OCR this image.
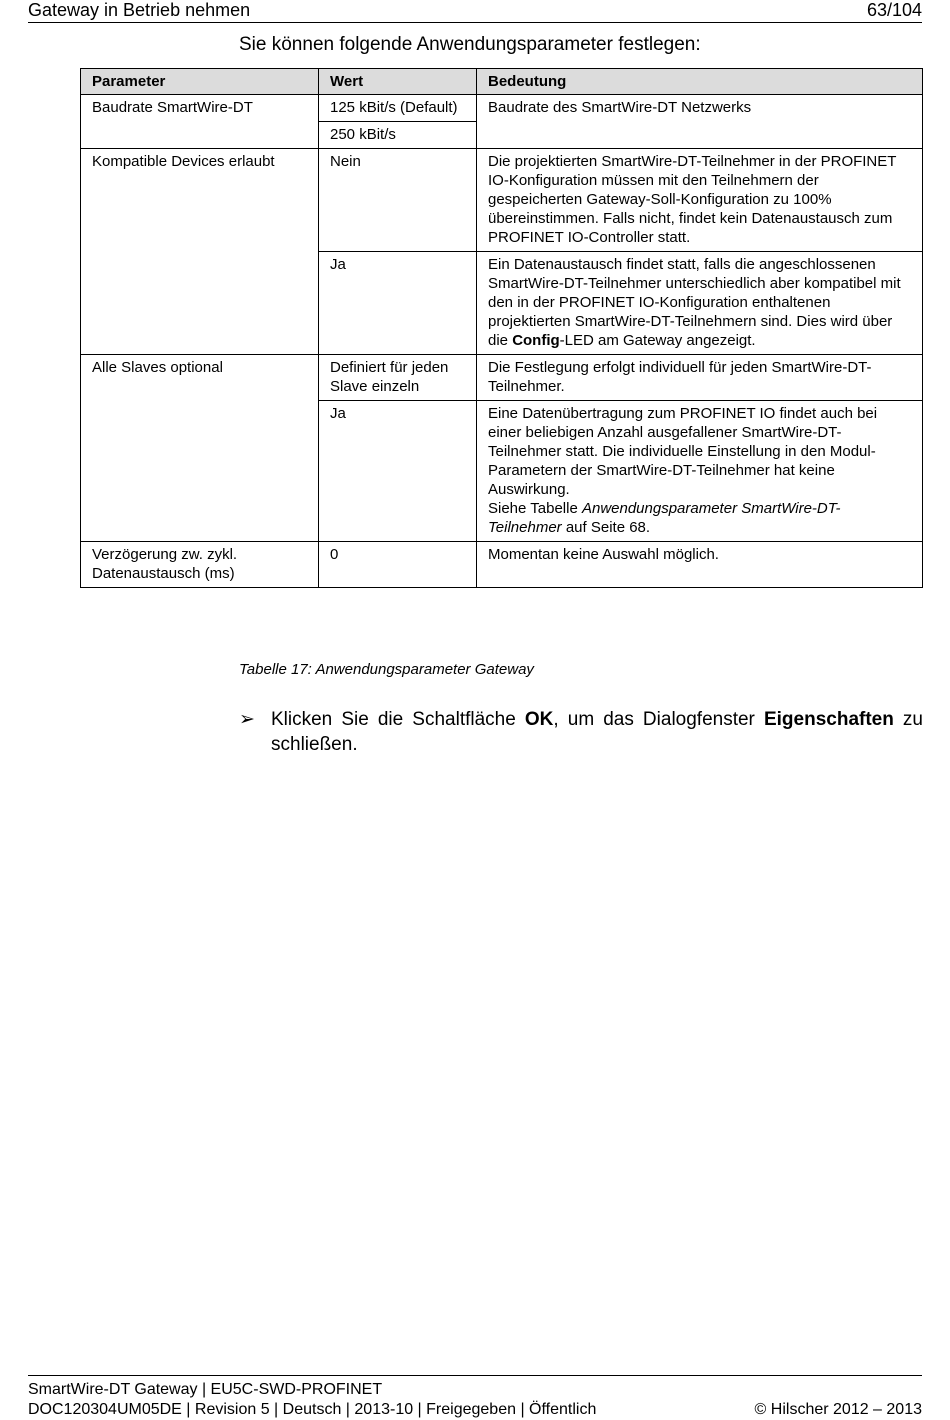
Gateway in Betrieb nehmen	63/104
Sie können folgende Anwendungsparameter festlegen:
Parameter	Wert	Bedeutung
Baudrate SmartWire-DT	125 kBit/s (Default)	Baudrate des SmartWire-DT Netzwerks
	250 kBit/s	
Kompatible Devices erlaubt	Nein	Die projektierten SmartWire-DT-Teilnehmer in der PROFINET IO-Konfiguration müssen mit den Teilnehmern der gespeicherten Gateway-Soll-Konfiguration zu 100% übereinstimmen. Falls nicht, findet kein Datenaustausch zum PROFINET IO-Controller statt.
	Ja	Ein Datenaustausch findet statt, falls die angeschlossenen SmartWire-DT-Teilnehmer unterschiedlich aber kompatibel mit den in der PROFINET IO-Konfiguration enthaltenen projektierten SmartWire-DT-Teilnehmern sind. Dies wird über die Config-LED am Gateway angezeigt.
Alle Slaves optional	Definiert für jeden Slave einzeln	Die Festlegung erfolgt individuell für jeden SmartWire-DT-Teilnehmer.
	Ja	Eine Datenübertragung zum PROFINET IO findet auch bei einer beliebigen Anzahl ausgefallener SmartWire-DT-Teilnehmer statt. Die individuelle Einstellung in den Modul-Parametern der SmartWire-DT-Teilnehmer hat keine Auswirkung.
Siehe Tabelle Anwendungsparameter SmartWire-DT-Teilnehmer auf Seite 68.
Verzögerung zw. zykl. Datenaustausch (ms)	0	Momentan keine Auswahl möglich.
Tabelle 17: Anwendungsparameter Gateway
➢ Klicken Sie die Schaltfläche OK, um das Dialogfenster Eigenschaften zu schließen.
SmartWire-DT Gateway | EU5C-SWD-PROFINET
DOC120304UM05DE | Revision 5 | Deutsch | 2013-10 | Freigegeben | Öffentlich	© Hilscher 2012 – 2013
